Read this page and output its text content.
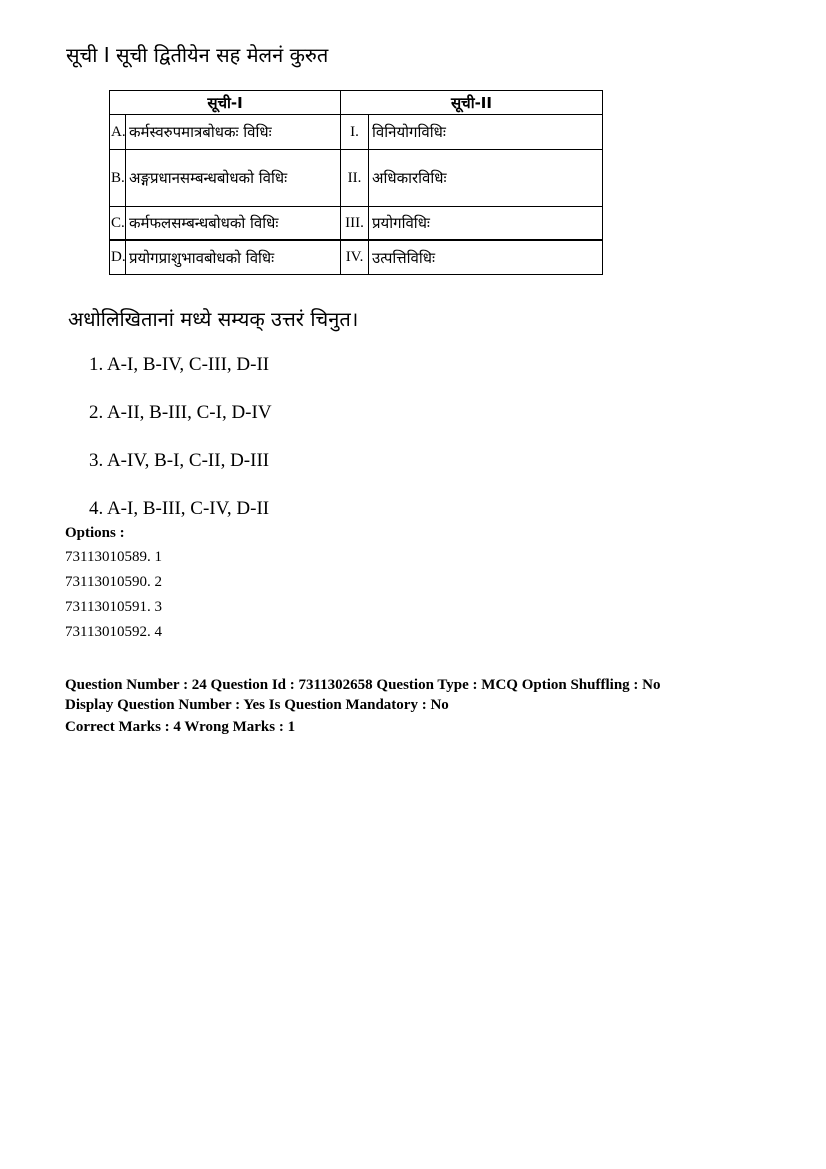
सूची I सूची द्वितीयेन सह मेलनं कुरुत
सूची-I		सूची-II	
A.	कर्मस्वरुपमात्रबोधकः विधिः	I.	विनियोगविधिः
B.	अङ्गप्रधानसम्बन्धबोधको विधिः	II.	अधिकारविधिः
C.	कर्मफलसम्बन्धबोधको विधिः	III.	प्रयोगविधिः
D.	प्रयोगप्राशुभावबोधको विधिः	IV.	उत्पत्तिविधिः
अधोलिखितानां मध्ये सम्यक् उत्तरं चिनुत।
1. A-I, B-IV, C-III, D-II
2. A-II, B-III, C-I, D-IV
3. A-IV, B-I, C-II, D-III
4. A-I, B-III, C-IV, D-II
Options :
73113010589. 1
73113010590. 2
73113010591. 3
73113010592. 4
Question Number : 24 Question Id : 7311302658 Question Type : MCQ Option Shuffling : No
Display Question Number : Yes Is Question Mandatory : No
Correct Marks : 4 Wrong Marks : 1
